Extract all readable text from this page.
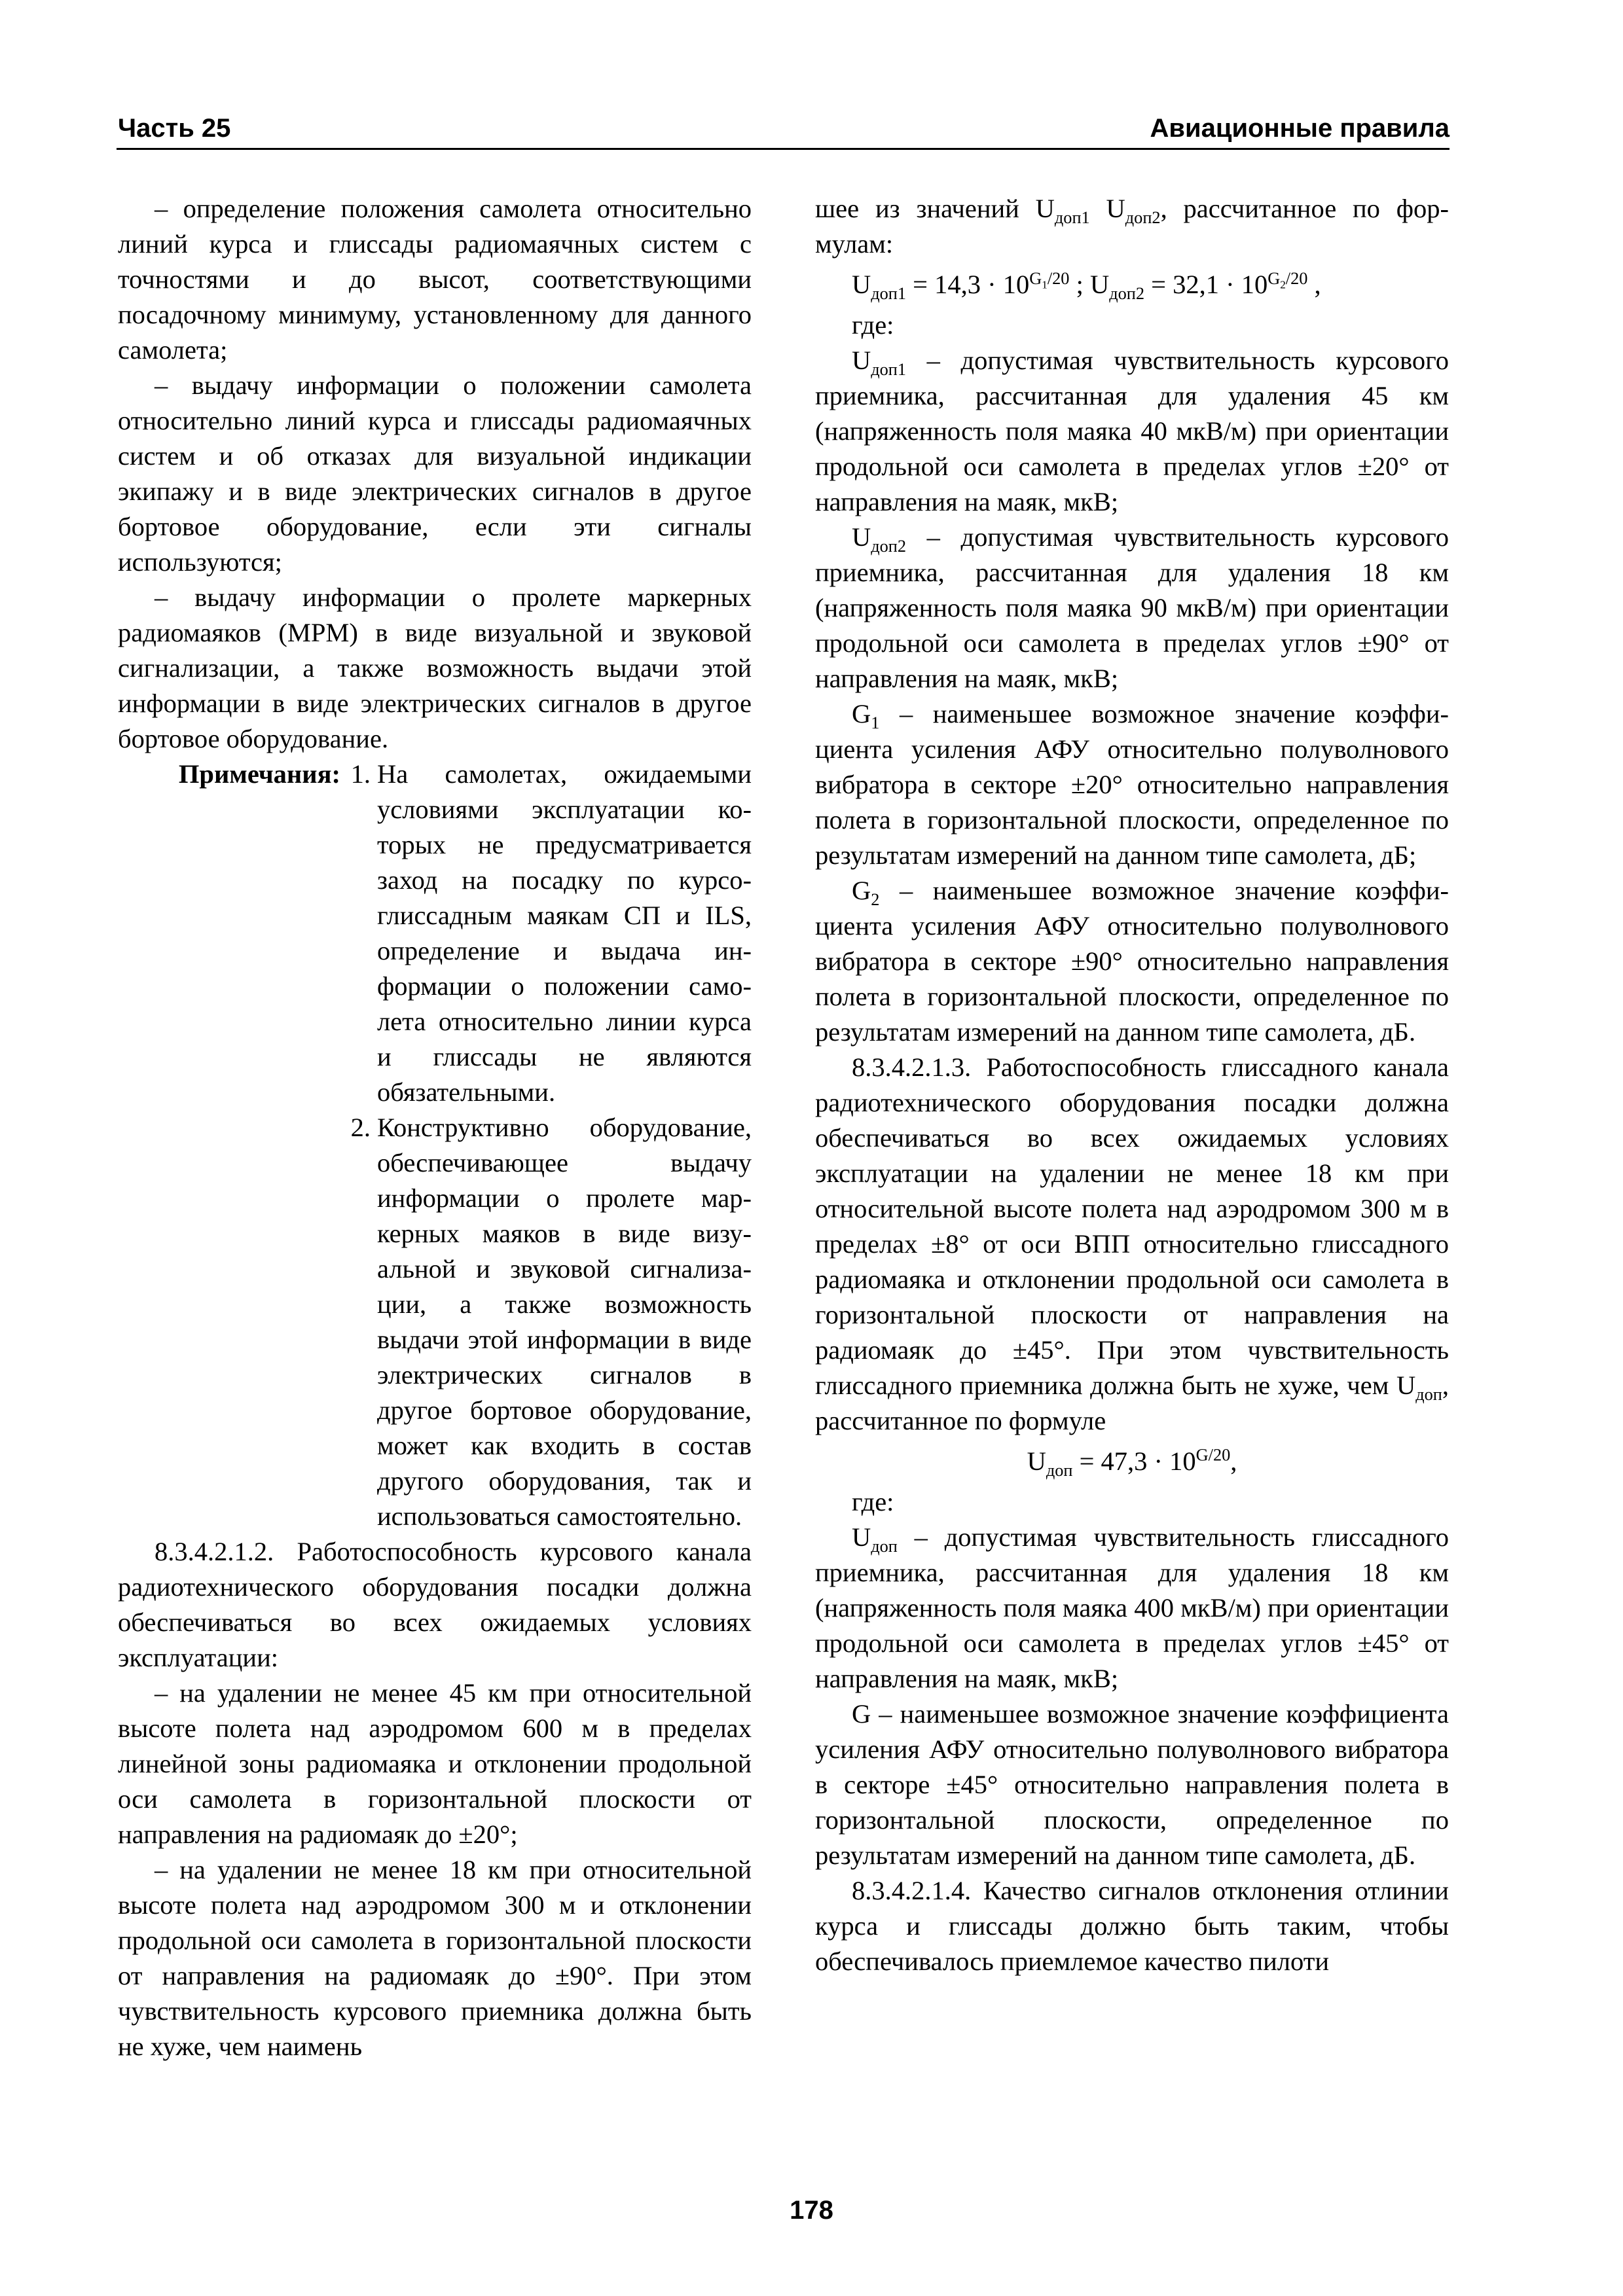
Часть 25	Авиационные правила

– определение положения самолета относительно линий курса и глиссады радиомаячных систем с точностями и до высот, соответствующими посадочному минимуму, установленному для данного самолета;

– выдачу информации о положении самолета относительно линий курса и глиссады радиомаячных систем и об отказах для визуальной индикации экипажу и в виде электрических сигналов в другое бортовое оборудование, если эти сигналы используются;

– выдачу информации о пролете маркерных радиомаяков (МРМ) в виде визуальной и звуковой сигнализации, а также возможность выдачи этой информации в виде электрических сигналов в другое бортовое оборудование.

Примечания: 1. На самолетах, ожидаемыми условиями эксплуатации которых не предусматривается заход на посадку по курсоглиссадным маякам СП и ILS, определение и выдача информации о положении самолета относительно линии курса и глиссады не являются обязательными.
2. Конструктивно оборудование, обеспечивающее выдачу информации о пролете маркерных маяков в виде визуальной и звуковой сигнализации, а также возможность выдачи этой информации в виде электрических сигналов в другое бортовое оборудование, может как входить в состав другого оборудования, так и использоваться самостоятельно.

8.3.4.2.1.2. Работоспособность курсового канала радиотехнического оборудования посадки должна обеспечиваться во всех ожидаемых условиях эксплуатации:

– на удалении не менее 45 км при относительной высоте полета над аэродромом 600 м в пределах линейной зоны радиомаяка и отклонении продольной оси самолета в горизонтальной плоскости от направления на радиомаяк до ±20°;

– на удалении не менее 18 км при относительной высоте полета над аэродромом 300 м и отклонении продольной оси самолета в горизонтальной плоскости от направления на радиомаяк до ±90°. При этом чувствительность курсового приемника должна быть не хуже, чем наимень

шее из значений $U_{доп1}$ $U_{доп2}$, рассчитанное по формулам:

$U_{доп1} = 14,3 \cdot 10^{G_1/20}$ ; $U_{доп2} = 32,1 \cdot 10^{G_2/20}$ ,

где:

$U_{доп1}$ – допустимая чувствительность курсового приемника, рассчитанная для удаления 45 км (напряженность поля маяка 40 мкВ/м) при ориентации продольной оси самолета в пределах углов ±20° от направления на маяк, мкВ;

$U_{доп2}$ – допустимая чувствительность курсового приемника, рассчитанная для удаления 18 км (напряженность поля маяка 90 мкВ/м) при ориентации продольной оси самолета в пределах углов ±90° от направления на маяк, мкВ;

$G_1$ – наименьшее возможное значение коэффициента усиления АФУ относительно полуволнового вибратора в секторе ±20° относительно направления полета в горизонтальной плоскости, определенное по результатам измерений на данном типе самолета, дБ;

$G_2$ – наименьшее возможное значение коэффициента усиления АФУ относительно полуволнового вибратора в секторе ±90° относительно направления полета в горизонтальной плоскости, определенное по результатам измерений на данном типе самолета, дБ.

8.3.4.2.1.3. Работоспособность глиссадного канала радиотехнического оборудования посадки должна обеспечиваться во всех ожидаемых условиях эксплуатации на удалении не менее 18 км при относительной высоте полета над аэродромом 300 м в пределах ±8° от оси ВПП относительно глиссадного радиомаяка и отклонении продольной оси самолета в горизонтальной плоскости от направления на радиомаяк до ±45°. При этом чувствительность глиссадного приемника должна быть не хуже, чем $U_{доп}$, рассчитанное по формуле

$U_{доп} = 47,3 \cdot 10^{G/20}$,

где:

$U_{доп}$ – допустимая чувствительность глиссадного приемника, рассчитанная для удаления 18 км (напряженность поля маяка 400 мкВ/м) при ориентации продольной оси самолета в пределах углов ±45° от направления на маяк, мкВ;

G – наименьшее возможное значение коэффициента усиления АФУ относительно полуволнового вибратора в секторе ±45° относительно направления полета в горизонтальной плоскости, определенное по результатам измерений на данном типе самолета, дБ.

8.3.4.2.1.4. Качество сигналов отклонения отлинии курса и глиссады должно быть таким, чтобы обеспечивалось приемлемое качество пилоти

178
